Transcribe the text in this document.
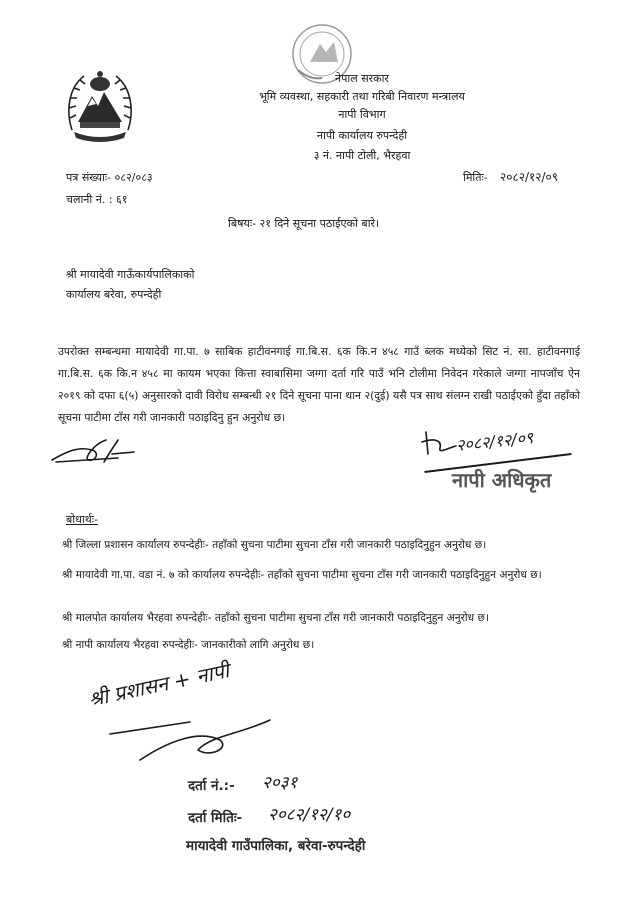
नेपाल सरकार
भूमि व्यवस्था, सहकारी तथा गरिबी निवारण मन्त्रालय
नापी विभाग
नापी कार्यालय रुपन्देही
३ नं. नापी टोली, भैरहवा
पत्र संख्याः- ०८२/०८३
चलानी नं. : ६१
मितिः- २०८२/१२/०९
बिषयः- २१ दिने सूचना पठाईएको बारे।
श्री मायादेवी गाऊँकार्यपालिकाको
कार्यालय बरेवा, रुपन्देही
उपरोक्त सम्बन्धमा मायादेवी गा.पा. ७ साबिक हाटीवनगाई गा.बि.स. ६क कि.न ४५८ गाउँ ब्लक मध्येको सिट नं. सा. हाटीवनगाई गा.बि.स. ६क कि.न ४५८ मा कायम भएका कित्ता स्वाबासिमा जग्गा दर्ता गरि पाउँ भनि टोलीमा निवेदन गरेकाले जग्गा नापजाँच ऐन २०१९ को दफा ६(५) अनुसारको दावी विरोध सम्बन्धी २१ दिने सूचना पाना थान २(दुई) यसै पत्र साथ संलग्न राखी पठाईएको हुँदा तहाँको सूचना पाटीमा टाँस गरी जानकारी पठाइदिनु हुन अनुरोध छ।
२०८२/१२/०९
नापी अधिकृत
बोधार्थः-
श्री जिल्ला प्रशासन कार्यालय रुपन्देहीः- तहाँको सुचना पाटीमा सुचना टाँस गरी जानकारी पठाइदिनुहुन अनुरोध छ।
श्री मायादेवी गा.पा. वडा नं. ७ को कार्यालय रुपन्देहीः- तहाँको सुचना पाटीमा सुचना टाँस गरी जानकारी पठाइदिनुहुन अनुरोध छ।
श्री मालपोत कार्यालय भैरहवा रुपन्देहीः- तहाँको सुचना पाटीमा सुचना टाँस गरी जानकारी पठाइदिनुहुन अनुरोध छ।
श्री नापी कार्यालय भैरहवा रुपन्देहीः- जानकारीको लागि अनुरोध छ।
श्री प्रशासन + नापी
दर्ता नं.:- २०३१
दर्ता मितिः- २०८२/१२/१०
मायादेवी गाउँपालिका, बरेवा-रुपन्देही
